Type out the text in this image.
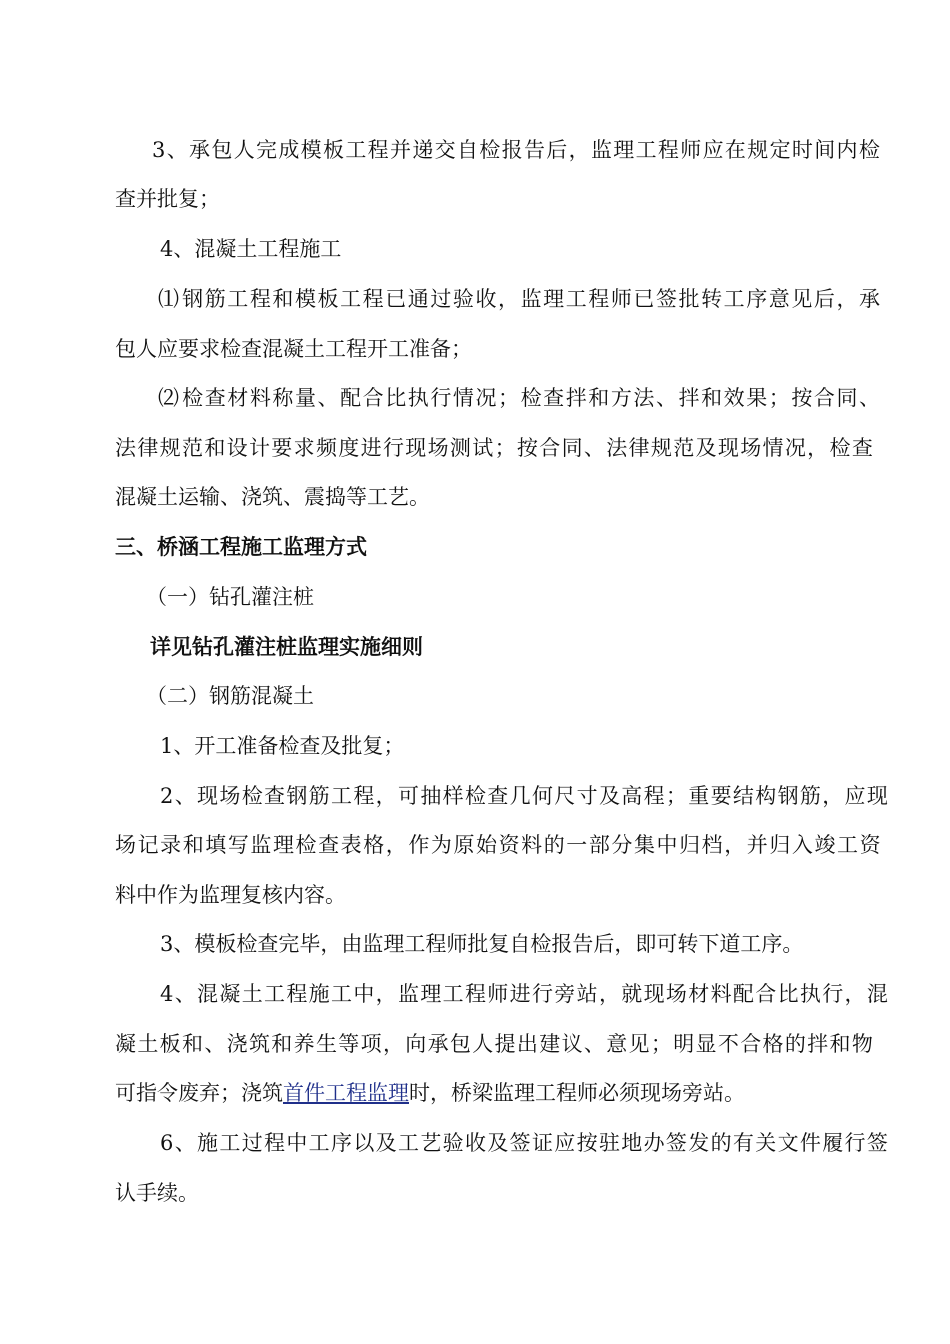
3 、 承 包 人 完 成 模 板 工 程 并 递 交 自 检 报 告 后 ， 监 理 工 程 师 应 在 规 定 时 间 内 检
查并批复；
4、混凝土工程施工
⑴ 钢 筋 工 程 和 模 板 工 程 已 通 过 验 收 ， 监 理 工 程 师 已 签 批 转 工 序 意 见 后 ， 承
包人应要求检查混凝土工程开工准备；
⑵ 检 查 材 料 称 量 、 配 合 比 执 行 情 况 ； 检 查 拌 和 方 法 、 拌 和 效 果 ； 按 合 同 、
法 律 规 范 和 设 计 要 求 频 度 进 行 现 场 测 试 ； 按 合 同 、 法 律 规 范 及 现 场 情 况 ， 检 查
混凝土运输、浇筑、震捣等工艺。
三、桥涵工程施工监理方式
（一）钻孔灌注桩
详见钻孔灌注桩监理实施细则
（二）钢筋混凝土
1、开工准备检查及批复；
2 、 现 场 检 查 钢 筋 工 程 ， 可 抽 样 检 查 几 何 尺 寸 及 高 程 ； 重 要 结 构 钢 筋 ， 应 现
场 记 录 和 填 写 监 理 检 查 表 格 ， 作 为 原 始 资 料 的 一 部 分 集 中 归 档 ， 并 归 入 竣 工 资
料中作为监理复核内容。
3、模板检查完毕，由监理工程师批复自检报告后，即可转下道工序。
4 、 混 凝 土 工 程 施 工 中 ， 监 理 工 程 师 进 行 旁 站 ， 就 现 场 材 料 配 合 比 执 行 ， 混
凝 土 板 和 、 浇 筑 和 养 生 等 项 ， 向 承 包 人 提 出 建 议 、 意 见 ； 明 显 不 合 格 的 拌 和 物
可指令废弃；浇筑首件工程监理时，桥梁监理工程师必须现场旁站。
6 、 施 工 过 程 中 工 序 以 及 工 艺 验 收 及 签 证 应 按 驻 地 办 签 发 的 有 关 文 件 履 行 签
认手续。
